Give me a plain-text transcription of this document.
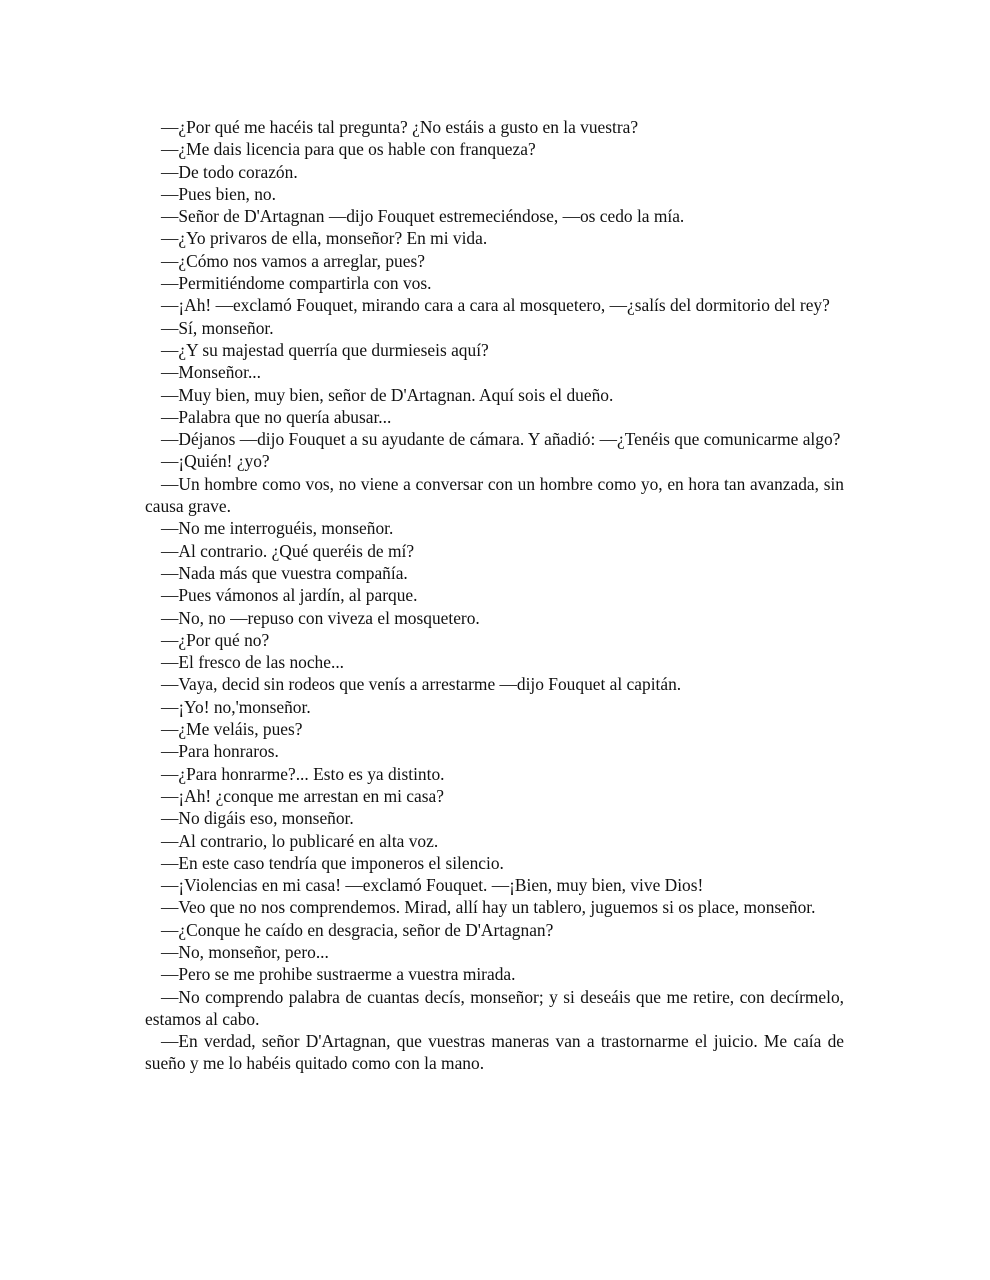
—¿Por qué me hacéis tal pregunta? ¿No estáis a gusto en la vuestra?

—¿Me dais licencia para que os hable con franqueza?

—De todo corazón.

—Pues bien, no.

—Señor de D'Artagnan —dijo Fouquet estremeciéndose, —os cedo la mía.

—¿Yo privaros de ella, monseñor? En mi vida.

—¿Cómo nos vamos a arreglar, pues?

—Permitiéndome compartirla con vos.

—¡Ah! —exclamó Fouquet, mirando cara a cara al mosquetero, —¿salís del dormitorio del rey?

—Sí, monseñor.

—¿Y su majestad querría que durmieseis aquí?

—Monseñor...

—Muy bien, muy bien, señor de D'Artagnan. Aquí sois el dueño.

—Palabra que no quería abusar...

—Déjanos —dijo Fouquet a su ayudante de cámara. Y añadió: —¿Tenéis que comunicarme algo?

—¡Quién! ¿yo?

—Un hombre como vos, no viene a conversar con un hombre como yo, en hora tan avanzada, sin causa grave.

—No me interroguéis, monseñor.

—Al contrario. ¿Qué queréis de mí?

—Nada más que vuestra compañía.

—Pues vámonos al jardín, al parque.

—No, no —repuso con viveza el mosquetero.

—¿Por qué no?

—El fresco de las noche...

—Vaya, decid sin rodeos que venís a arrestarme —dijo Fouquet al capitán.

—¡Yo! no,'monseñor.

—¿Me veláis, pues?

—Para honraros.

—¿Para honrarme?... Esto es ya distinto.

—¡Ah! ¿conque me arrestan en mi casa?

—No digáis eso, monseñor.

—Al contrario, lo publicaré en alta voz.

—En este caso tendría que imponeros el silencio.

—¡Violencias en mi casa! —exclamó Fouquet. —¡Bien, muy bien, vive Dios!

—Veo que no nos comprendemos. Mirad, allí hay un tablero, juguemos si os place, monseñor.

—¿Conque he caído en desgracia, señor de D'Artagnan?

—No, monseñor, pero...

—Pero se me prohibe sustraerme a vuestra mirada.

—No comprendo palabra de cuantas decís, monseñor; y si deseáis que me retire, con decírmelo, estamos al cabo.

—En verdad, señor D'Artagnan, que vuestras maneras van a trastornarme el juicio. Me caía de sueño y me lo habéis quitado como con la mano.
